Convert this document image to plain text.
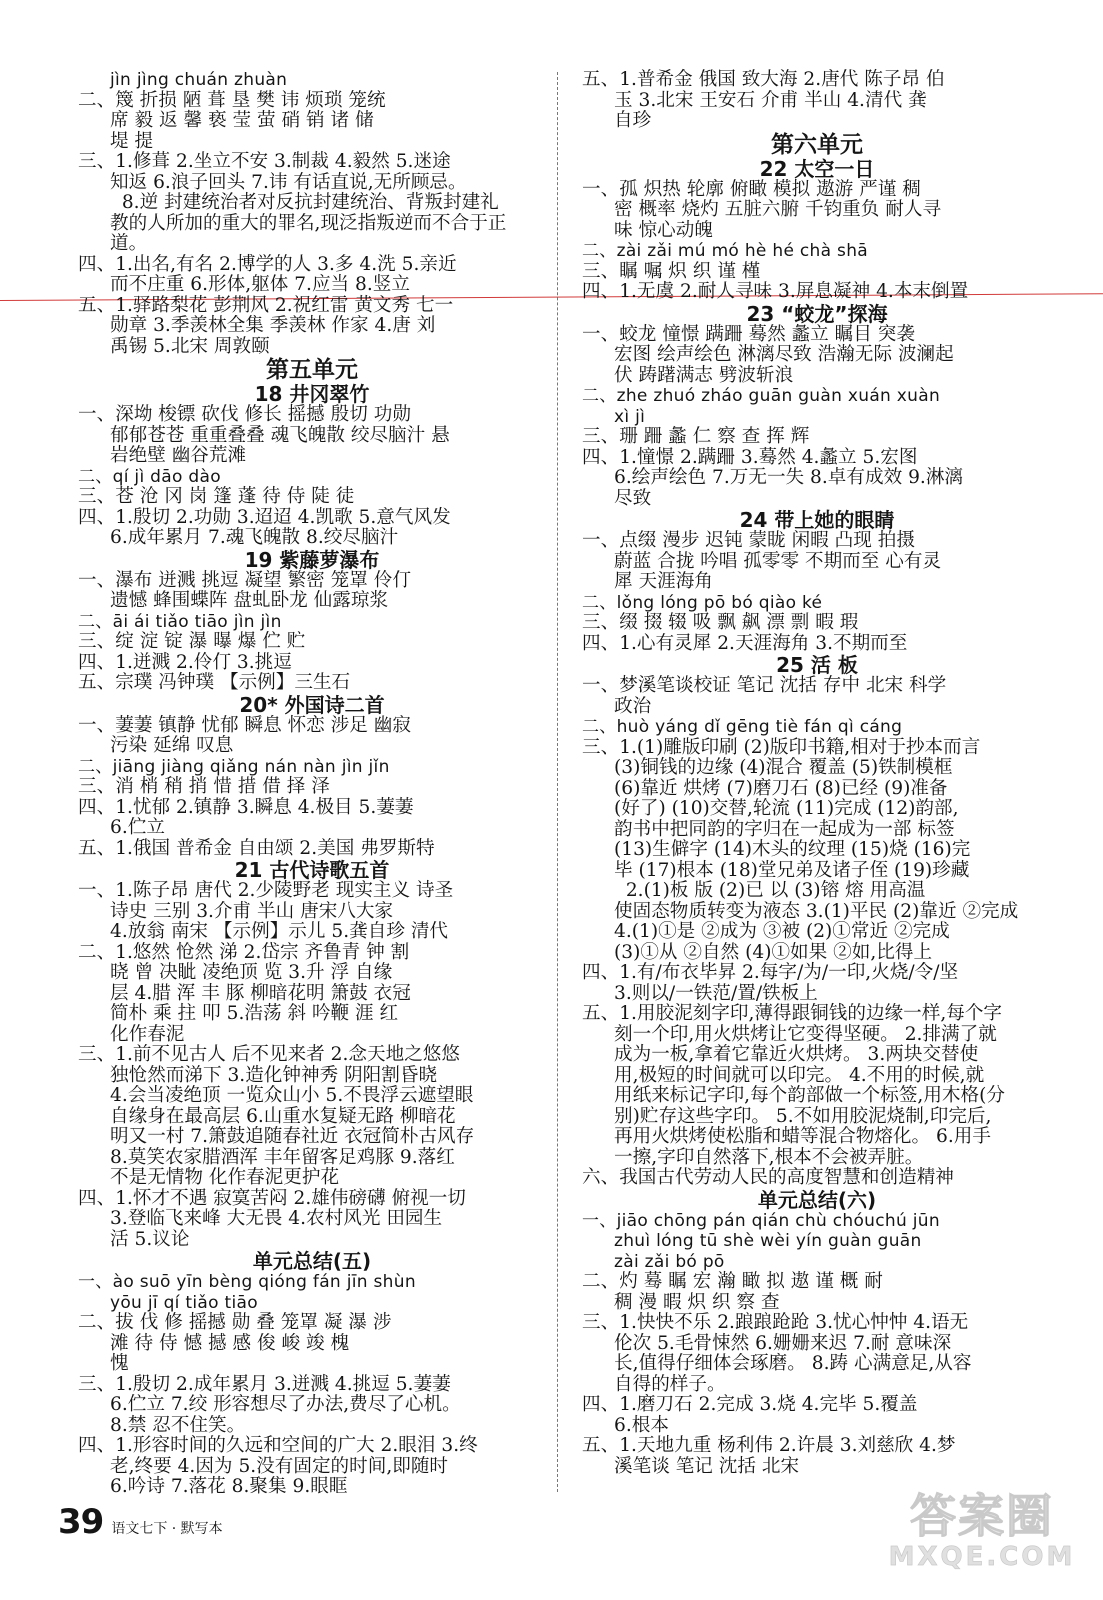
jìn jìng chuán zhuàn
二、篾 折损 陋 葺 垦 樊 讳 烦琐 笼统
席 毅 返 馨 亵 莹 萤 硝 销 诸 储
堤 提
三、1.修葺 2.坐立不安 3.制裁 4.毅然 5.迷途
知返 6.浪子回头 7.讳 有话直说,无所顾忌。
8.逆 封建统治者对反抗封建统治、背叛封建礼
教的人所加的重大的罪名,现泛指叛逆而不合于正
道。
四、1.出名,有名 2.博学的人 3.多 4.洗 5.亲近
而不庄重 6.形体,躯体 7.应当 8.竖立
五、1.驿路梨花 彭荆风 2.祝红雷 黄文秀 七一
勋章 3.季羡林全集 季羡林 作家 4.唐 刘
禹锡 5.北宋 周敦颐
第五单元
18 井冈翠竹
一、深坳 梭镖 砍伐 修长 摇撼 殷切 功勋
郁郁苍苍 重重叠叠 魂飞魄散 绞尽脑汁 悬
岩绝壁 幽谷荒滩
二、qí jì dāo dào
三、苍 沧 冈 岗 篷 蓬 待 侍 陡 徒
四、1.殷切 2.功勋 3.迢迢 4.凯歌 5.意气风发
6.成年累月 7.魂飞魄散 8.绞尽脑汁
19 紫藤萝瀑布
一、瀑布 迸溅 挑逗 凝望 繁密 笼罩 伶仃
遗憾 蜂围蝶阵 盘虬卧龙 仙露琼浆
二、āi ái tiǎo tiāo jìn jìn
三、绽 淀 锭 瀑 曝 爆 伫 贮
四、1.迸溅 2.伶仃 3.挑逗
五、宗璞 冯钟璞 【示例】三生石
20* 外国诗二首
一、萋萋 镇静 忧郁 瞬息 怀恋 涉足 幽寂
污染 延绵 叹息
二、jiāng jiàng qiǎng nán nàn jìn jǐn
三、消 梢 稍 捎 惜 措 借 择 泽
四、1.忧郁 2.镇静 3.瞬息 4.极目 5.萋萋
6.伫立
五、1.俄国 普希金 自由颂 2.美国 弗罗斯特
21 古代诗歌五首
一、1.陈子昂 唐代 2.少陵野老 现实主义 诗圣
诗史 三别 3.介甫 半山 唐宋八大家
4.放翁 南宋 【示例】示儿 5.龚自珍 清代
二、1.悠然 怆然 涕 2.岱宗 齐鲁青 钟 割
晓 曾 决眦 凌绝顶 览 3.升 浮 自缘
层 4.腊 浑 丰 豚 柳暗花明 箫鼓 衣冠
简朴 乘 拄 叩 5.浩荡 斜 吟鞭 涯 红
化作春泥
三、1.前不见古人 后不见来者 2.念天地之悠悠
独怆然而涕下 3.造化钟神秀 阴阳割昏晓
4.会当凌绝顶 一览众山小 5.不畏浮云遮望眼
自缘身在最高层 6.山重水复疑无路 柳暗花
明又一村 7.箫鼓追随春社近 衣冠简朴古风存
8.莫笑农家腊酒浑 丰年留客足鸡豚 9.落红
不是无情物 化作春泥更护花
四、1.怀才不遇 寂寞苦闷 2.雄伟磅礴 俯视一切
3.登临飞来峰 大无畏 4.农村风光 田园生
活 5.议论
单元总结(五)
一、ào suō yīn bèng qióng fán jīn shùn
yōu jī qí tiǎo tiāo
二、拔 伐 修 摇撼 勋 叠 笼罩 凝 瀑 涉
滩 待 侍 憾 撼 感 俊 峻 竣 槐
愧
三、1.殷切 2.成年累月 3.迸溅 4.挑逗 5.萋萋
6.伫立 7.绞 形容想尽了办法,费尽了心机。
8.禁 忍不住笑。
四、1.形容时间的久远和空间的广大 2.眼泪 3.终
老,终要 4.因为 5.没有固定的时间,即随时
6.吟诗 7.落花 8.聚集 9.眼眶
五、1.普希金 俄国 致大海 2.唐代 陈子昂 伯
玉 3.北宋 王安石 介甫 半山 4.清代 龚
自珍
第六单元
22 太空一日
一、孤 炽热 轮廓 俯瞰 模拟 遨游 严谨 稠
密 概率 烧灼 五脏六腑 千钧重负 耐人寻
味 惊心动魄
二、zài zǎi mú mó hè hé chà shā
三、瞩 嘱 炽 织 谨 槿
四、1.无虞 2.耐人寻味 3.屏息凝神 4.本末倒置
23 “蛟龙”探海
一、蛟龙 憧憬 蹒跚 蓦然 蠡立 瞩目 突袭
宏图 绘声绘色 淋漓尽致 浩瀚无际 波澜起
伏 踌躇满志 劈波斩浪
二、zhe zhuó zháo guān guàn xuán xuàn
xì jì
三、珊 跚 蠡 仁 察 查 挥 辉
四、1.憧憬 2.蹒跚 3.蓦然 4.蠡立 5.宏图
6.绘声绘色 7.万无一失 8.卓有成效 9.淋漓
尽致
24 带上她的眼睛
一、点缀 漫步 迟钝 蒙眬 闲暇 凸现 拍摄
蔚蓝 合拢 吟唱 孤零零 不期而至 心有灵
犀 天涯海角
二、lǒng lóng pō bó qiào ké
三、缀 掇 辍 吸 飘 飙 漂 剽 暇 瑕
四、1.心有灵犀 2.天涯海角 3.不期而至
25 活 板
一、梦溪笔谈校证 笔记 沈括 存中 北宋 科学
政治
二、huò yáng dǐ gēng tiè fán qì cáng
三、1.(1)雕版印刷 (2)版印书籍,相对于抄本而言
(3)铜钱的边缘 (4)混合 覆盖 (5)铁制模框
(6)靠近 烘烤 (7)磨刀石 (8)已经 (9)准备
(好了) (10)交替,轮流 (11)完成 (12)韵部,
韵书中把同韵的字归在一起成为一部 标签
(13)生僻字 (14)木头的纹理 (15)烧 (16)完
毕 (17)根本 (18)堂兄弟及诸子侄 (19)珍藏
2.(1)板 版 (2)已 以 (3)镕 熔 用高温
使固态物质转变为液态 3.(1)平民 (2)靠近 ②完成
4.(1)①是 ②成为 ③被 (2)①常近 ②完成
(3)①从 ②自然 (4)①如果 ②如,比得上
四、1.有/布衣毕昇 2.每字/为/一印,火烧/令/坚
3.则以/一铁范/置/铁板上
五、1.用胶泥刻字印,薄得跟铜钱的边缘一样,每个字
刻一个印,用火烘烤让它变得坚硬。 2.排满了就
成为一板,拿着它靠近火烘烤。 3.两块交替使
用,极短的时间就可以印完。 4.不用的时候,就
用纸来标记字印,每个韵部做一个标签,用木格(分
别)贮存这些字印。 5.不如用胶泥烧制,印完后,
再用火烘烤使松脂和蜡等混合物熔化。 6.用手
一擦,字印自然落下,根本不会被弄脏。
六、我国古代劳动人民的高度智慧和创造精神
单元总结(六)
一、jiāo chōng pán qián chù chóuchú jūn
zhuì lóng tū shè wèi yín guàn guān
zài zǎi bó pō
二、灼 蓦 瞩 宏 瀚 瞰 拟 遨 谨 概 耐
稠 漫 暇 炽 织 察 查
三、1.快快不乐 2.踉踉跄跄 3.忧心忡忡 4.语无
伦次 5.毛骨悚然 6.姗姗来迟 7.耐 意味深
长,值得仔细体会琢磨。 8.踌 心满意足,从容
自得的样子。
四、1.磨刀石 2.完成 3.烧 4.完毕 5.覆盖
6.根本
五、1.天地九重 杨利伟 2.许晨 3.刘慈欣 4.梦
溪笔谈 笔记 沈括 北宋
39 语文七下 · 默写本	答案圈
MXQE.COM
